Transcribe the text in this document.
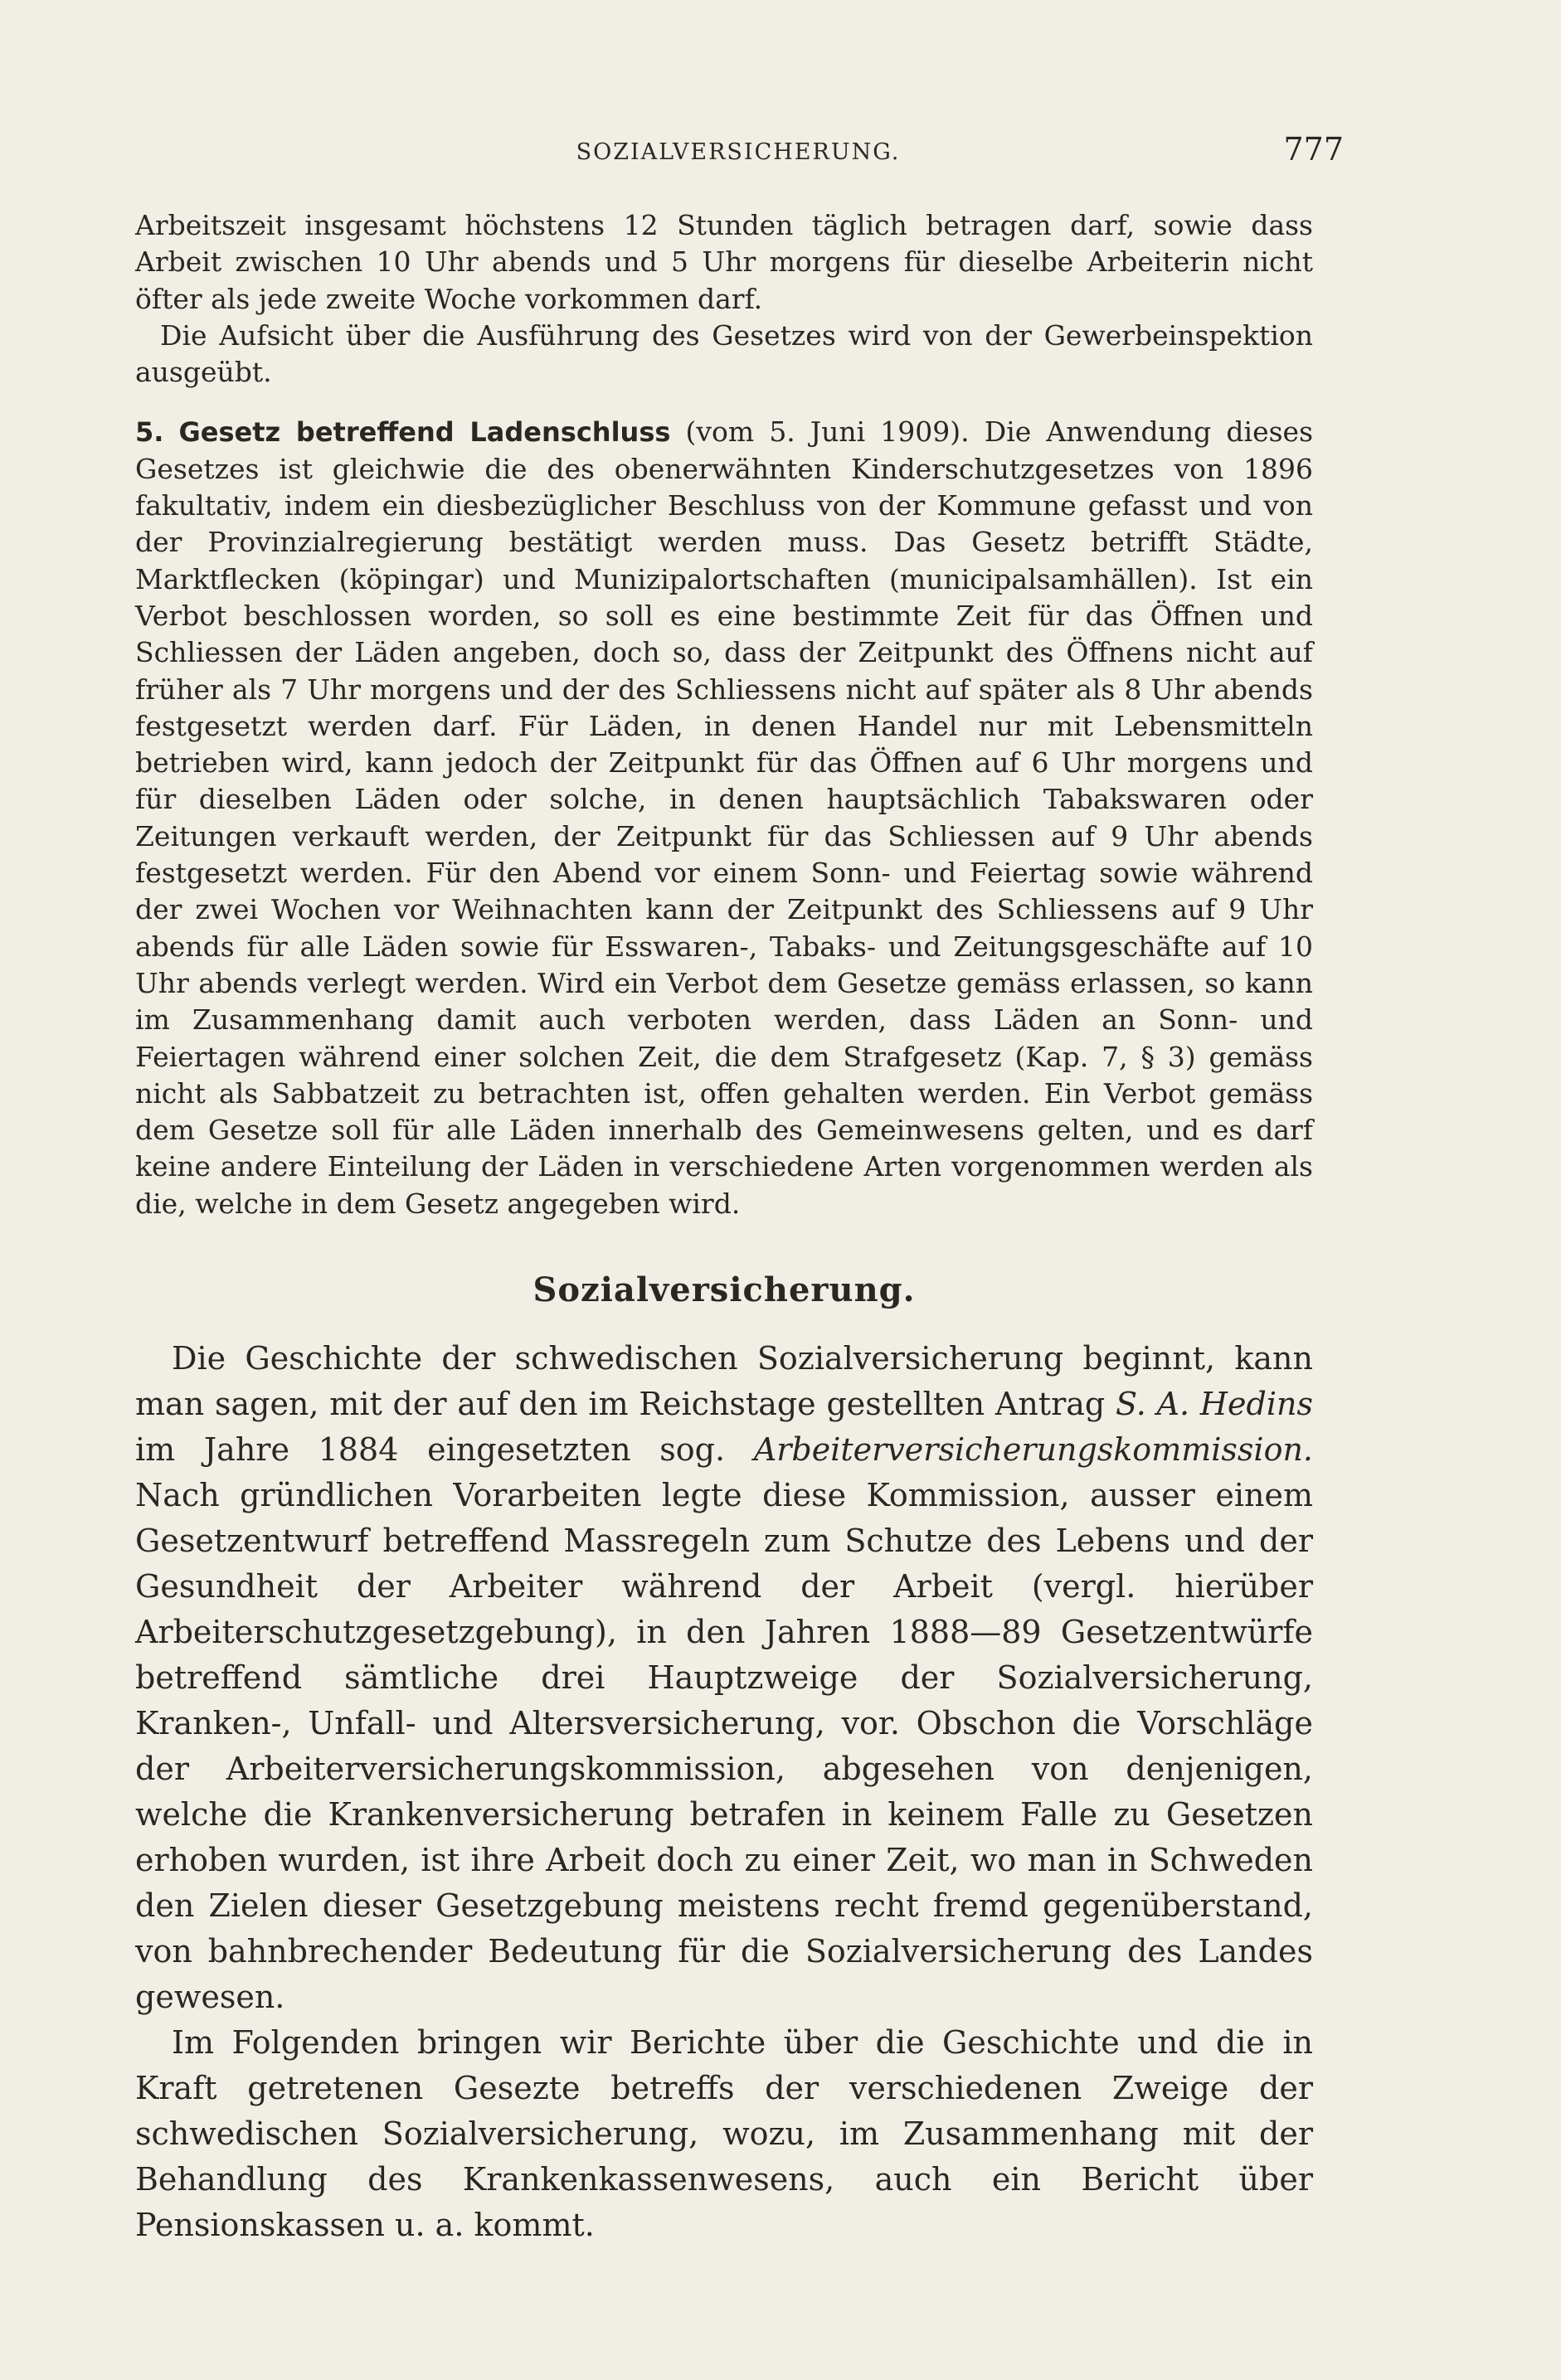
SOZIALVERSICHERUNG.	777

Arbeitszeit insgesamt höchstens 12 Stunden täglich betragen darf, sowie dass Arbeit zwischen 10 Uhr abends und 5 Uhr morgens für dieselbe Arbeiterin nicht öfter als jede zweite Woche vorkommen darf.

Die Aufsicht über die Ausführung des Gesetzes wird von der Gewerbeinspektion ausgeübt.

5. Gesetz betreffend Ladenschluss (vom 5. Juni 1909). Die Anwendung dieses Gesetzes ist gleichwie die des obenerwähnten Kinderschutzgesetzes von 1896 fakultativ, indem ein diesbezüglicher Beschluss von der Kommune gefasst und von der Provinzialregierung bestätigt werden muss. Das Gesetz betrifft Städte, Marktflecken (köpingar) und Munizipalortschaften (municipalsamhällen). Ist ein Verbot beschlossen worden, so soll es eine bestimmte Zeit für das Öffnen und Schliessen der Läden angeben, doch so, dass der Zeitpunkt des Öffnens nicht auf früher als 7 Uhr morgens und der des Schliessens nicht auf später als 8 Uhr abends festgesetzt werden darf. Für Läden, in denen Handel nur mit Lebensmitteln betrieben wird, kann jedoch der Zeitpunkt für das Öffnen auf 6 Uhr morgens und für dieselben Läden oder solche, in denen hauptsächlich Tabakswaren oder Zeitungen verkauft werden, der Zeitpunkt für das Schliessen auf 9 Uhr abends festgesetzt werden. Für den Abend vor einem Sonn- und Feiertag sowie während der zwei Wochen vor Weihnachten kann der Zeitpunkt des Schliessens auf 9 Uhr abends für alle Läden sowie für Esswaren-, Tabaks- und Zeitungsgeschäfte auf 10 Uhr abends verlegt werden. Wird ein Verbot dem Gesetze gemäss erlassen, so kann im Zusammenhang damit auch verboten werden, dass Läden an Sonn- und Feiertagen während einer solchen Zeit, die dem Strafgesetz (Kap. 7, § 3) gemäss nicht als Sabbatzeit zu betrachten ist, offen gehalten werden. Ein Verbot gemäss dem Gesetze soll für alle Läden innerhalb des Gemeinwesens gelten, und es darf keine andere Einteilung der Läden in verschiedene Arten vorgenommen werden als die, welche in dem Gesetz angegeben wird.

Sozialversicherung.

Die Geschichte der schwedischen Sozialversicherung beginnt, kann man sagen, mit der auf den im Reichstage gestellten Antrag S. A. Hedins im Jahre 1884 eingesetzten sog. Arbeiterversicherungskommission. Nach gründlichen Vorarbeiten legte diese Kommission, ausser einem Gesetzentwurf betreffend Massregeln zum Schutze des Lebens und der Gesundheit der Arbeiter während der Arbeit (vergl. hierüber Arbeiterschutzgesetzgebung), in den Jahren 1888—89 Gesetzentwürfe betreffend sämtliche drei Hauptzweige der Sozialversicherung, Kranken-, Unfall- und Altersversicherung, vor. Obschon die Vorschläge der Arbeiterversicherungskommission, abgesehen von denjenigen, welche die Krankenversicherung betrafen in keinem Falle zu Gesetzen erhoben wurden, ist ihre Arbeit doch zu einer Zeit, wo man in Schweden den Zielen dieser Gesetzgebung meistens recht fremd gegenüberstand, von bahnbrechender Bedeutung für die Sozialversicherung des Landes gewesen.

Im Folgenden bringen wir Berichte über die Geschichte und die in Kraft getretenen Gesezte betreffs der verschiedenen Zweige der schwedischen Sozialversicherung, wozu, im Zusammenhang mit der Behandlung des Krankenkassenwesens, auch ein Bericht über Pensionskassen u. a. kommt.
